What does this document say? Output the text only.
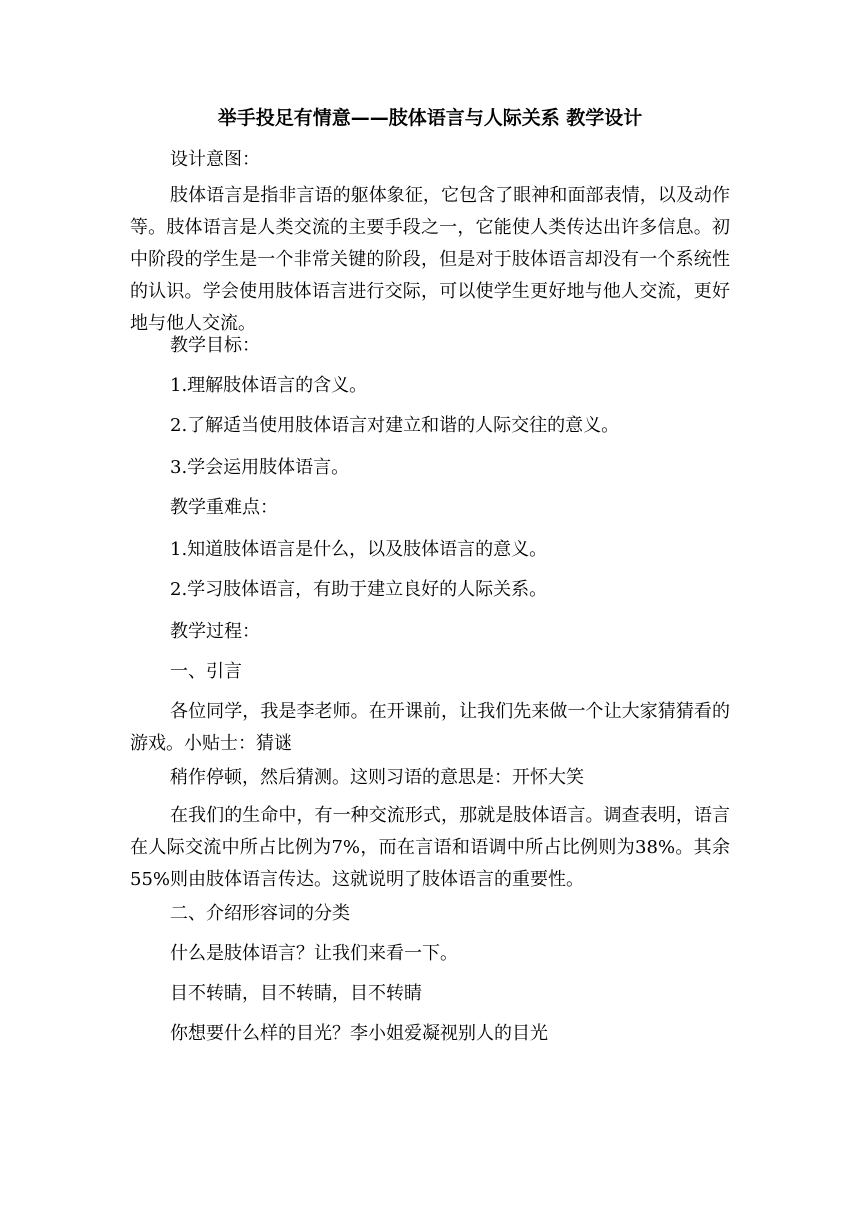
举手投足有情意——肢体语言与人际关系 教学设计

设计意图：

肢体语言是指非言语的躯体象征，它包含了眼神和面部表情，以及动作等。肢体语言是人类交流的主要手段之一，它能使人类传达出许多信息。初中阶段的学生是一个非常关键的阶段，但是对于肢体语言却没有一个系统性的认识。学会使用肢体语言进行交际，可以使学生更好地与他人交流，更好地与他人交流。

教学目标：

1.理解肢体语言的含义。

2.了解适当使用肢体语言对建立和谐的人际交往的意义。

3.学会运用肢体语言。

教学重难点：

1.知道肢体语言是什么，以及肢体语言的意义。

2.学习肢体语言，有助于建立良好的人际关系。

教学过程：

一、引言

各位同学，我是李老师。在开课前，让我们先来做一个让大家猜猜看的游戏。小贴士：猜谜

稍作停顿，然后猜测。这则习语的意思是：开怀大笑

在我们的生命中，有一种交流形式，那就是肢体语言。调查表明，语言在人际交流中所占比例为7%，而在言语和语调中所占比例则为38%。其余55%则由肢体语言传达。这就说明了肢体语言的重要性。

二、介绍形容词的分类

什么是肢体语言？让我们来看一下。

目不转睛，目不转睛，目不转睛

你想要什么样的目光？李小姐爱凝视别人的目光
